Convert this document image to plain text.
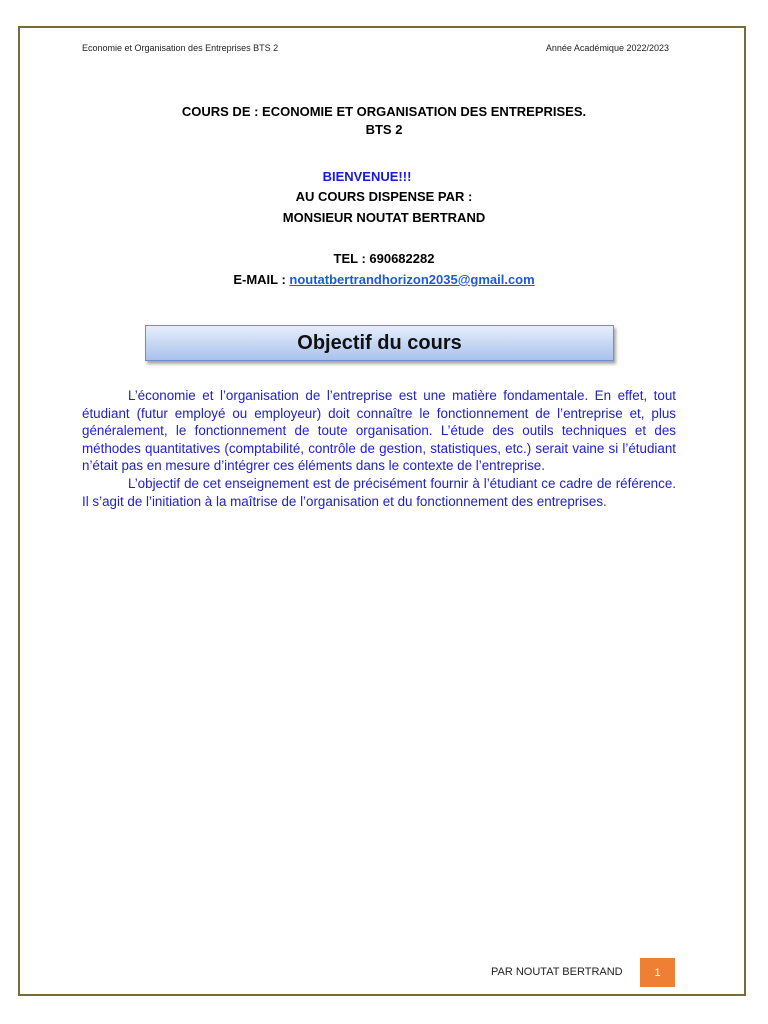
Economie et Organisation des Entreprises BTS 2	Année Académique 2022/2023
COURS DE : ECONOMIE ET ORGANISATION DES ENTREPRISES.
BTS 2
BIENVENUE!!!
AU COURS DISPENSE PAR :
MONSIEUR NOUTAT BERTRAND
TEL : 690682282
E-MAIL : noutatbertrandhorizon2035@gmail.com
Objectif du cours

L’économie et l’organisation de l’entreprise est une matière fondamentale. En effet, tout étudiant (futur employé ou employeur) doit connaître le fonctionnement de l’entreprise et, plus généralement, le fonctionnement de toute organisation. L’étude des outils techniques et des méthodes quantitatives (comptabilité, contrôle de gestion, statistiques, etc.) serait vaine si l’étudiant n’était pas en mesure d’intégrer ces éléments dans le contexte de l’entreprise.

L’objectif de cet enseignement est de précisément fournir à l’étudiant ce cadre de référence. Il s’agit de l’initiation à la maîtrise de l’organisation et du fonctionnement des entreprises.

PAR NOUTAT BERTRAND	1
